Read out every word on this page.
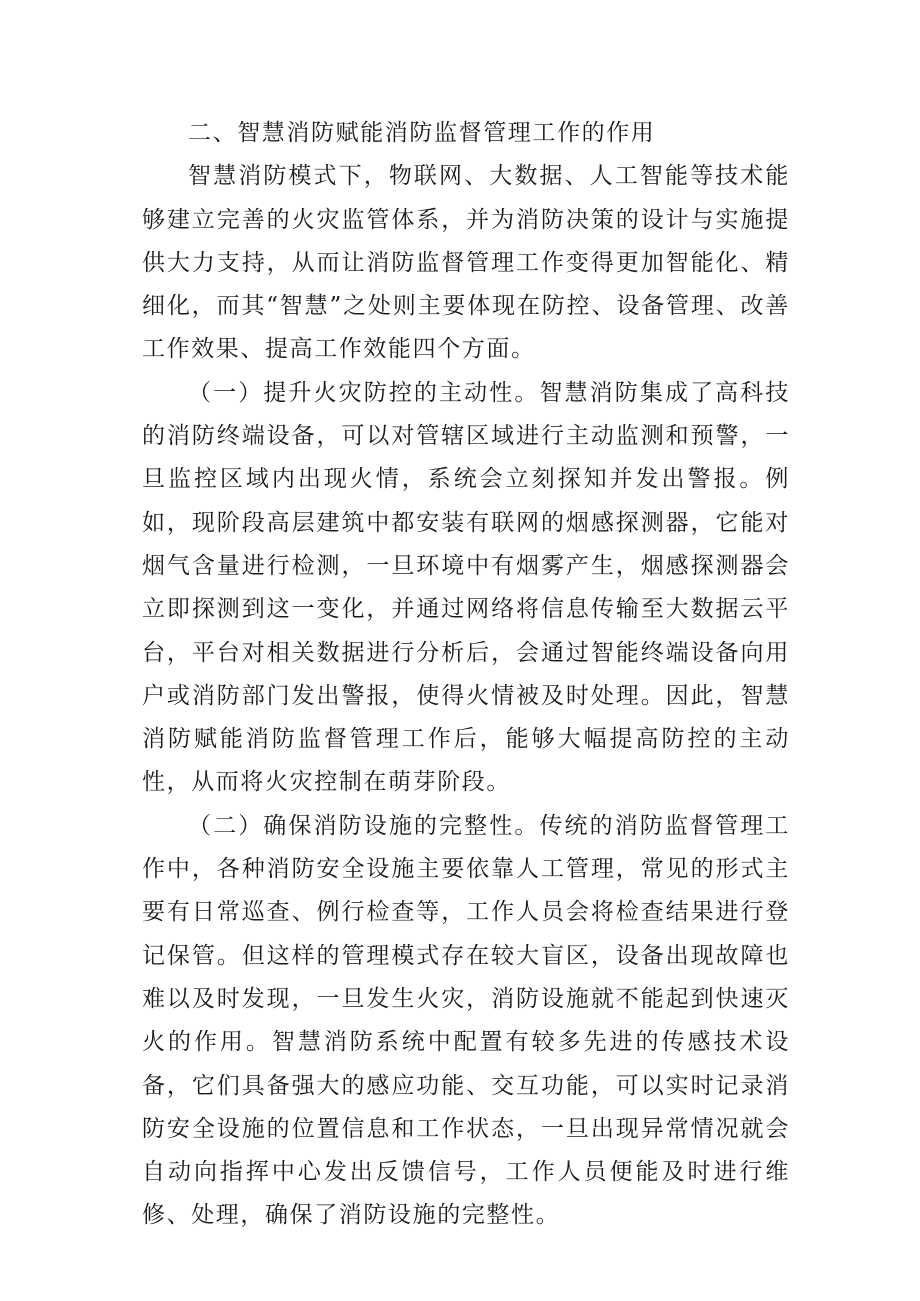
二、智慧消防赋能消防监督管理工作的作用

智慧消防模式下，物联网、大数据、人工智能等技术能够建立完善的火灾监管体系，并为消防决策的设计与实施提供大力支持，从而让消防监督管理工作变得更加智能化、精细化，而其“智慧”之处则主要体现在防控、设备管理、改善工作效果、提高工作效能四个方面。

（一）提升火灾防控的主动性。智慧消防集成了高科技的消防终端设备，可以对管辖区域进行主动监测和预警，一旦监控区域内出现火情，系统会立刻探知并发出警报。例如，现阶段高层建筑中都安装有联网的烟感探测器，它能对烟气含量进行检测，一旦环境中有烟雾产生，烟感探测器会立即探测到这一变化，并通过网络将信息传输至大数据云平台，平台对相关数据进行分析后，会通过智能终端设备向用户或消防部门发出警报，使得火情被及时处理。因此，智慧消防赋能消防监督管理工作后，能够大幅提高防控的主动性，从而将火灾控制在萌芽阶段。

（二）确保消防设施的完整性。传统的消防监督管理工作中，各种消防安全设施主要依靠人工管理，常见的形式主要有日常巡查、例行检查等，工作人员会将检查结果进行登记保管。但这样的管理模式存在较大盲区，设备出现故障也难以及时发现，一旦发生火灾，消防设施就不能起到快速灭火的作用。智慧消防系统中配置有较多先进的传感技术设备，它们具备强大的感应功能、交互功能，可以实时记录消防安全设施的位置信息和工作状态，一旦出现异常情况就会自动向指挥中心发出反馈信号，工作人员便能及时进行维修、处理，确保了消防设施的完整性。
